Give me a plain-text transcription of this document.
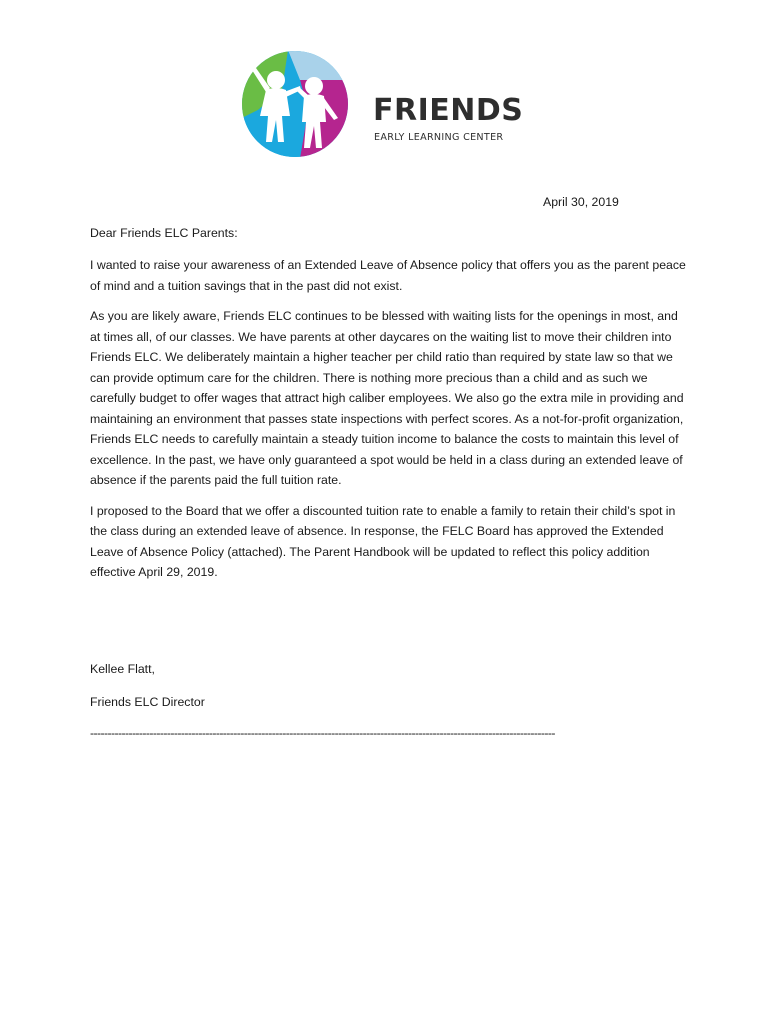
FRIENDS
EARLY LEARNING CENTER

April 30, 2019

Dear Friends ELC Parents:

I wanted to raise your awareness of an Extended Leave of Absence policy that offers you as the parent peace of mind and a tuition savings that in the past did not exist.

As you are likely aware, Friends ELC continues to be blessed with waiting lists for the openings in most, and at times all, of our classes. We have parents at other daycares on the waiting list to move their children into Friends ELC. We deliberately maintain a higher teacher per child ratio than required by state law so that we can provide optimum care for the children. There is nothing more precious than a child and as such we carefully budget to offer wages that attract high caliber employees. We also go the extra mile in providing and maintaining an environment that passes state inspections with perfect scores. As a not-for-profit organization, Friends ELC needs to carefully maintain a steady tuition income to balance the costs to maintain this level of excellence. In the past, we have only guaranteed a spot would be held in a class during an extended leave of absence if the parents paid the full tuition rate.

I proposed to the Board that we offer a discounted tuition rate to enable a family to retain their child’s spot in the class during an extended leave of absence. In response, the FELC Board has approved the Extended Leave of Absence Policy (attached). The Parent Handbook will be updated to reflect this policy addition effective April 29, 2019.

Kellee Flatt,

Friends ELC Director

-------------------------------------------------------------------------------------------------------------------------------------
